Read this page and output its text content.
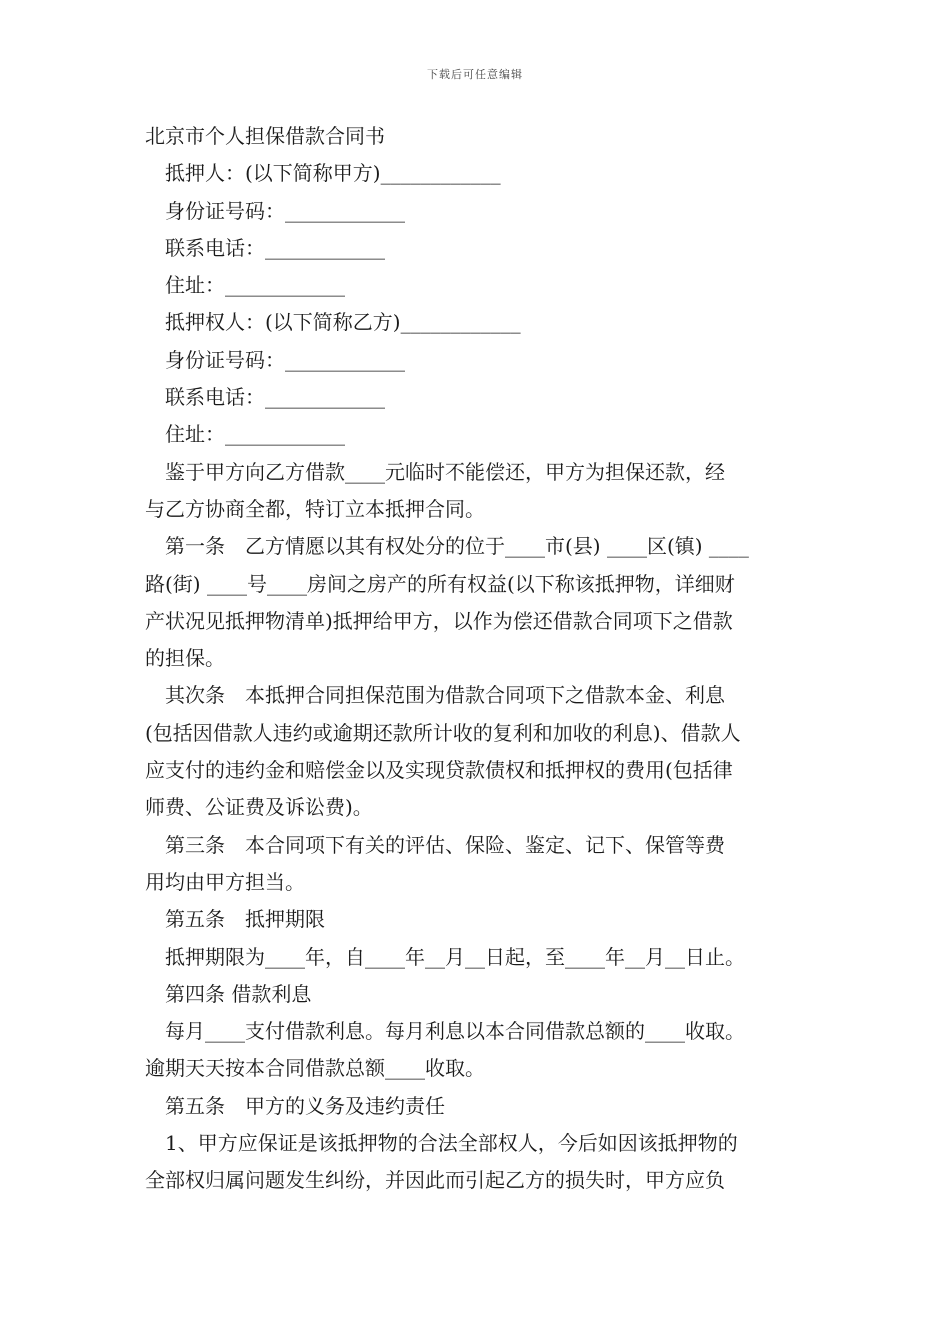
下载后可任意编辑
北京市个人担保借款合同书
抵押人：(以下简称甲方)____________
身份证号码：____________
联系电话：____________
住址：____________
抵押权人：(以下简称乙方)____________
身份证号码：____________
联系电话：____________
住址：____________
鉴于甲方向乙方借款____元临时不能偿还，甲方为担保还款，经
与乙方协商全都，特订立本抵押合同。
第一条　乙方情愿以其有权处分的位于____市(县) ____区(镇) ____
路(街) ____号____房间之房产的所有权益(以下称该抵押物，详细财
产状况见抵押物清单)抵押给甲方，以作为偿还借款合同项下之借款
的担保。
其次条　本抵押合同担保范围为借款合同项下之借款本金、利息
(包括因借款人违约或逾期还款所计收的复利和加收的利息)、借款人
应支付的违约金和赔偿金以及实现贷款债权和抵押权的费用(包括律
师费、公证费及诉讼费)。
第三条　本合同项下有关的评估、保险、鉴定、记下、保管等费
用均由甲方担当。
第五条　抵押期限
抵押期限为____年，自____年__月__日起，至____年__月__日止。
第四条 借款利息
每月____支付借款利息。每月利息以本合同借款总额的____收取。
逾期天天按本合同借款总额____收取。
第五条　甲方的义务及违约责任
1、甲方应保证是该抵押物的合法全部权人，今后如因该抵押物的
全部权归属问题发生纠纷，并因此而引起乙方的损失时，甲方应负
